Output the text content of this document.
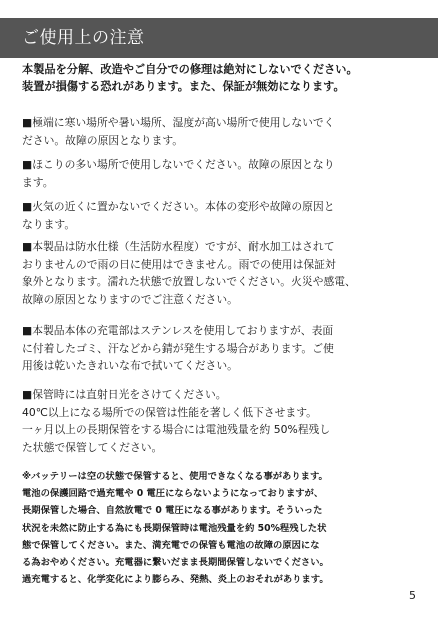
ご使用上の注意
本製品を分解、改造やご自分での修理は絶対にしないでください。
装置が損傷する恐れがあります。また、保証が無効になります。
■極端に寒い場所や暑い場所、湿度が高い場所で使用しないでく
ださい。故障の原因となります。
■ほこりの多い場所で使用しないでください。故障の原因となり
ます。
■火気の近くに置かないでください。本体の変形や故障の原因と
なります。
■本製品は防水仕様（生活防水程度）ですが、耐水加工はされて
おりませんので雨の日に使用はできません。雨での使用は保証対
象外となります。濡れた状態で放置しないでください。火災や感電、
故障の原因となりますのでご注意ください。
■本製品本体の充電部はステンレスを使用しておりますが、表面
に付着したゴミ、汗などから錆が発生する場合があります。ご使
用後は乾いたきれいな布で拭いてください。
■保管時には直射日光をさけてください。
40℃以上になる場所での保管は性能を著しく低下させます。
一ヶ月以上の長期保管をする場合には電池残量を約 50%程残し
た状態で保管してください。
※バッテリーは空の状態で保管すると、使用できなくなる事があります。
電池の保護回路で過充電や 0 電圧にならないようになっておりますが、
長期保管した場合、自然放電で 0 電圧になる事があります。そういった
状況を未然に防止する為にも長期保管時は電池残量を約 50%程残した状
態で保管してください。また、満充電での保管も電池の故障の原因にな
る為おやめください。充電器に繋いだまま長期間保管しないでください。
過充電すると、化学変化により膨らみ、発熱、炎上のおそれがあります。
5
